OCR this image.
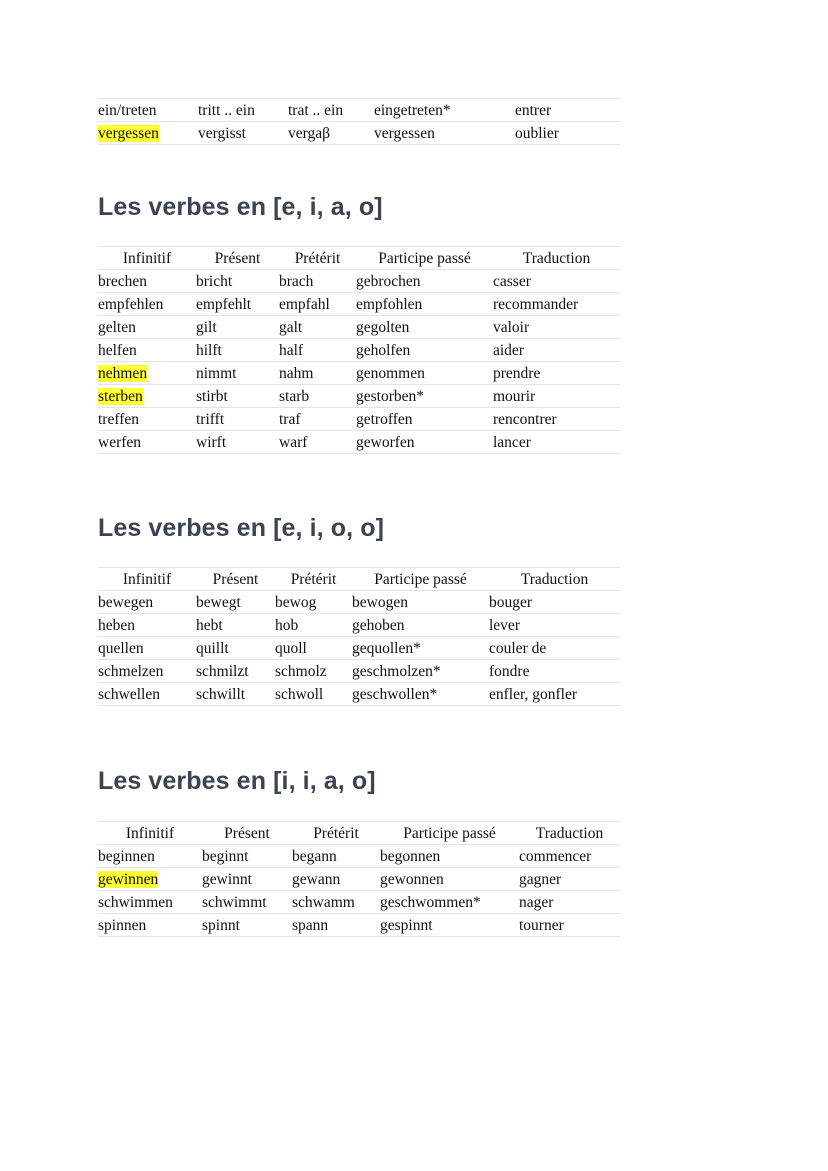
ein/treten	tritt .. ein	trat .. ein	eingetreten*	entrer
vergessen	vergisst	vergaβ	vergessen	oublier
Les verbes en [e, i, a, o]
Infinitif	Présent	Prétérit	Participe passé	Traduction
brechen	bricht	brach	gebrochen	casser
empfehlen	empfehlt	empfahl	empfohlen	recommander
gelten	gilt	galt	gegolten	valoir
helfen	hilft	half	geholfen	aider
nehmen	nimmt	nahm	genommen	prendre
sterben	stirbt	starb	gestorben*	mourir
treffen	trifft	traf	getroffen	rencontrer
werfen	wirft	warf	geworfen	lancer
Les verbes en [e, i, o, o]
Infinitif	Présent	Prétérit	Participe passé	Traduction
bewegen	bewegt	bewog	bewogen	bouger
heben	hebt	hob	gehoben	lever
quellen	quillt	quoll	gequollen*	couler de
schmelzen	schmilzt	schmolz	geschmolzen*	fondre
schwellen	schwillt	schwoll	geschwollen*	enfler, gonfler
Les verbes en [i, i, a, o]
Infinitif	Présent	Prétérit	Participe passé	Traduction
beginnen	beginnt	begann	begonnen	commencer
gewinnen	gewinnt	gewann	gewonnen	gagner
schwimmen	schwimmt	schwamm	geschwommen*	nager
spinnen	spinnt	spann	gespinnt	tourner
